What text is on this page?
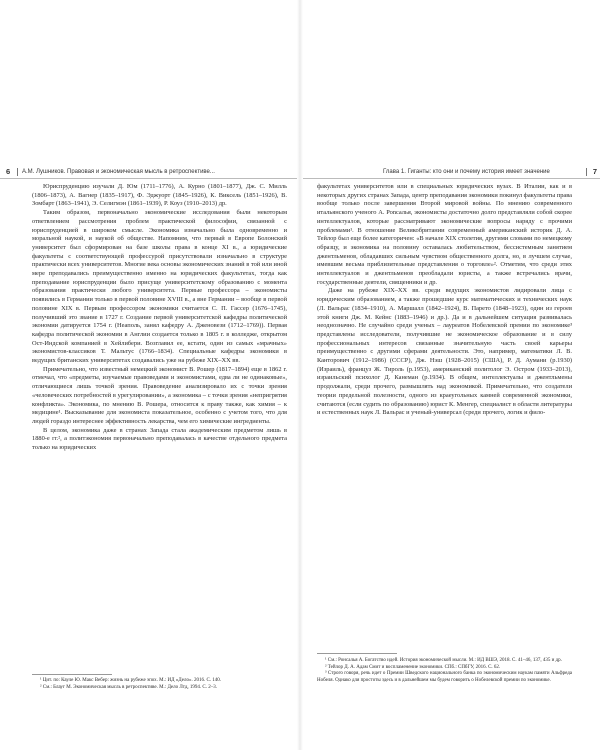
6 А.М. Лушников. Правовая и экономическая мысль в ретроспективе...

Юриспруденцию изучали Д. Юм (1711–1776), А. Курно (1801–1877), Дж. С. Милль (1806–1873), А. Вагнер (1835–1917), Ф. Эджуорт (1845–1926), К. Виксель (1851–1926), В. Зомбарт (1863–1941), Э. Селигмэн (1861–1939), Р. Коуз (1910–2013) др.

Таким образом, первоначально экономические исследования были некоторым ответвлением рассмотрения проблем практической философии, связанной с юриспруденцией в широком смысле. Экономика изначально была одновременно и моральной наукой, и наукой об обществе. Напомним, что первый в Европе Болонский университет был сформирован на базе школы права в конце XI в., а юридические факультеты с соответствующей профессурой присутствовали изначально в структуре практически всех университетов. Многие века основы экономических знаний в той или иной мере преподавались преимущественно именно на юридических факультетах, тогда как преподавание юриспруденции было присуще университетскому образованию с момента образования практически любого университета. Первые профессора – экономисты появились в Германии только в первой половине XVIII в., а вне Германии – вообще в первой половине XIX в. Первым профессором экономики считается С. П. Гассер (1676–1745), получивший это звание в 1727 г. Создание первой университетской кафедры политической экономии датируется 1754 г. (Неаполь, занял кафедру А. Дженовези (1712–1769)). Первая кафедра политической экономии в Англии создается только в 1805 г. в колледже, открытом Ост-Индской компанией в Хейлибери. Возглавил ее, кстати, один из самых «мрачных» экономистов-классиков Т. Мальтус (1766–1834). Специальные кафедры экономики в ведущих британских университетах создавались уже на рубеже XIX–XX вв.

Примечательно, что известный немецкий экономист В. Рошер (1817–1894) еще в 1862 г. отмечал, что «предметы, изучаемые правоведами и экономистами, едва ли не одинаковые», отличающиеся лишь точкой зрения. Правоведение анализировало их с точки зрения «человеческих потребностей в урегулировании», а экономика – с точки зрения «непригрятия конфликта». Экономика, по мнению В. Рошера, относится к праву также, как химия – к медицине¹. Высказывание для экономиста показательное, особенно с учетом того, что для людей гораздо интереснее эффективность лекарства, чем его химические ингредиенты.

В целом, экономика даже в странах Запада стала академическим предметом лишь в 1880-е гг.², а политэкономия первоначально преподавалась в качестве отдельного предмета только на юридических

¹ Цит. по: Кауле Ю. Макс Вебер: жизнь на рубеже эпох. М.: ИД «Дело». 2016. С. 140.

² См.: Блауг М. Экономическая мысль в ретроспективе. М.: Дело Лтд, 1994. С. 2–3.

Глава 1. Гиганты: кто они и почему история имеет значение	7

факультетах университетов или в специальных юридических вузах. В Италии, как и в некоторых других странах Запада, центр преподавания экономики покинул факультеты права вообще только после завершения Второй мировой войны. По мнению современного итальянского ученого А. Роncалья, экономисты достаточно долго представляли собой скорее интеллектуалов, которые рассматривают экономические вопросы наряду с прочими проблемами¹. В отношение Великобритании современный американский историк Д. А. Тейлор был еще более категоричен: «В начале XIX столетия, другими словами по немецкому образцу, и экономика на половину оставалась любительством, бессистемным занятием джентльменов, обладавших сильным чувством общественного долга, но, в лучшем случае, имевшим весьма приблизительные представления о торговле»². Отметим, что среди этих интеллектуалов и джентльменов преобладали юристы, а также встречались врачи, государственные деятели, священники и др.

Даже на рубеже XIX–XX вв. среди ведущих экономистов лидировали лица с юридическим образованием, а также прошедшие курс математических и технических наук (Л. Вальрас (1834–1910), А. Маршалл (1842–1924), В. Парето (1848–1923), один из героев этой книги Дж. М. Кейнс (1883–1946) и др.). Да и в дальнейшем ситуация развивалась неоднозначно. Не случайно среди ученых – лауреатов Нобелевской премии по экономике³ представлены исследователи, получившие не экономическое образование и в силу профессиональных интересов связанные значительную часть своей карьеры преимущественно с другими сферами деятельности. Это, например, математики Л. В. Канторович (1912–1986) (СССР), Дж. Нэш (1928–2015) (США), Р. Д. Аумани (р.1930) (Израиль), француз Ж. Тироль (р.1953), американский политолог Э. Остром (1933–2013), израильский психолог Д. Канеман (р.1934). В общем, интеллектуалы и джентльмены продолжали, среди прочего, размышлять над экономикой. Примечательно, что создатели теории предельной полезности, одного из краеугольных камней современной экономики, считаются (если судить по образованию) юрист К. Менгер, специалист в области литературы и естественных наук Л. Вальрас и ученый-универсал (среди прочего, логик и фило-

¹ См.: Ронcалья А. Богатство идей. История экономической мысли. М.: ИД ВШЭ, 2018. С. 41–46, 137, 435 и др.

² Тейлор Д. А. Адам Смит и воспламенение экономики. СПб.: СПбГУ, 2016. С. 62.

³ Строго говоря, речь идет о Премии Шведского национального банка по экономическим наукам памяти Альфреда Нобеля. Однако для простоты здесь и в дальнейшем мы будем говорить о Нобелевской премии по экономике.
